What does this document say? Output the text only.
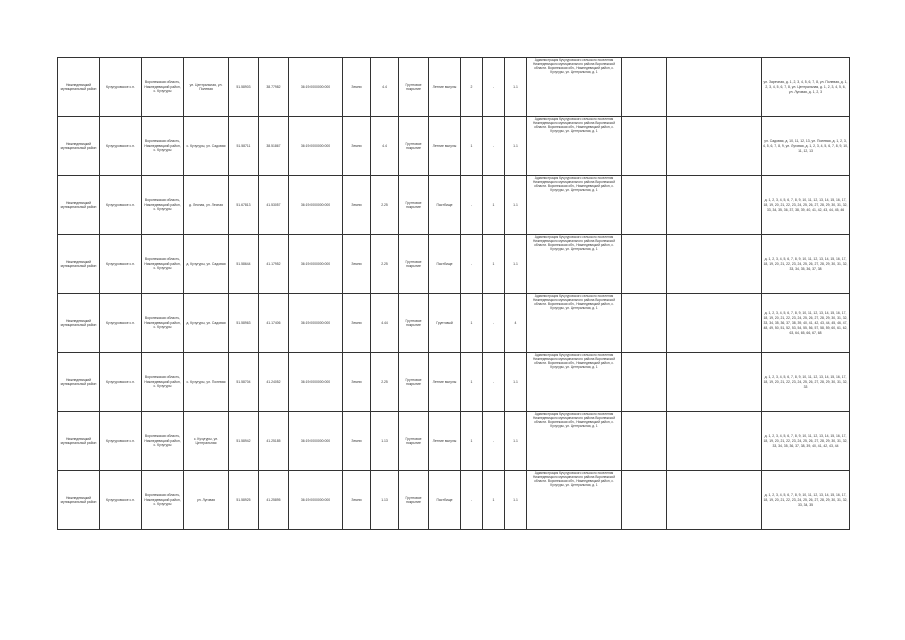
Нижнедевицкий муниципальный район	Кучугуровское с.п.	Воронежская область, Нижнедевицкий район, с. Кучугуры	ул. Центральная, ул. Полевая	51.58903	38.77982	36:19:0000000:000	Земли	4.4	Грунтовое покрытие	Летние выгулы	2	-	1.1	Администрация Кучугуровского сельского поселения Нижнедевицкого муниципального района Воронежской области. Воронежская обл., Нижнедевицкий район, с. Кучугуры, ул. Центральная, д. 1			ул. Заречная, д. 1, 2, 3, 4, 5, 6, 7, 8, ул. Полевая, д. 1, 2, 3, 4, 5, 6, 7, 8, ул. Центральная, д. 1, 2, 3, 4, 5, 6, ул. Луговая, д. 1, 2, 3
Нижнедевицкий муниципальный район	Кучугуровское с.п.	Воронежская область, Нижнедевицкий район, с. Кучугуры	с. Кучугуры, ул. Садовая	51.58711	38.51867	36:19:0000000:000	Земли	4.4	Грунтовое покрытие	Летние выгулы	1	-	1.1	Администрация Кучугуровского сельского поселения Нижнедевицкого муниципального района Воронежской области. Воронежская обл., Нижнедевицкий район, с. Кучугуры, ул. Центральная, д. 1			ул. Садовая, д. 10, 11, 12, 13, ул. Полевая, д. 1, 2, 3, 4, 5, 6, 7, 8, 9, ул. Луговая, д. 1, 2, 3, 4, 5, 6, 7, 8, 9, 10, 11, 12, 13
Нижнедевицкий муниципальный район	Кучугуровское с.п.	Воронежская область, Нижнедевицкий район, с. Кучугуры	д. Лесная, ул. Лесная	51.67813	41.53057	36:19:0000000:000	Земли	2.25	Грунтовое покрытие	Пастбище	-	1	1.1	Администрация Кучугуровского сельского поселения Нижнедевицкого муниципального района Воронежской области. Воронежская обл., Нижнедевицкий район, с. Кучугуры, ул. Центральная, д. 1			д. 1, 2, 3, 4, 5, 6, 7, 8, 9, 10, 11, 12, 13, 14, 15, 16, 17, 18, 19, 20, 21, 22, 23, 24, 25, 26, 27, 28, 29, 30, 31, 32, 33, 34, 35, 36, 37, 38, 39, 40, 41, 42, 43, 44, 45, 46
Нижнедевицкий муниципальный район	Кучугуровское с.п.	Воронежская область, Нижнедевицкий район, с. Кучугуры	д. Кучугуры, ул. Садовая	51.58644	41.17952	36:19:0000000:000	Земли	2.25	Грунтовое покрытие	Пастбище	-	1	1.1	Администрация Кучугуровского сельского поселения Нижнедевицкого муниципального района Воронежской области. Воронежская обл., Нижнедевицкий район, с. Кучугуры, ул. Центральная, д. 1			д. 1, 2, 3, 4, 5, 6, 7, 8, 9, 10, 11, 12, 13, 14, 15, 16, 17, 18, 19, 20, 21, 22, 23, 24, 25, 26, 27, 28, 29, 30, 31, 32, 33, 34, 35, 36, 37, 38
Нижнедевицкий муниципальный район	Кучугуровское с.п.	Воронежская область, Нижнедевицкий район, с. Кучугуры	д. Кучугуры, ул. Садовая	51.58963	41.17406	36:19:0000000:000	Земли	4.44	Грунтовое покрытие	Грунтовый	1	-	4	Администрация Кучугуровского сельского поселения Нижнедевицкого муниципального района Воронежской области. Воронежская обл., Нижнедевицкий район, с. Кучугуры, ул. Центральная, д. 1			д. 1, 2, 3, 4, 5, 6, 7, 8, 9, 10, 11, 12, 13, 14, 15, 16, 17, 18, 19, 20, 21, 22, 23, 24, 25, 26, 27, 28, 29, 30, 31, 32, 33, 34, 35, 36, 37, 38, 39, 40, 41, 42, 43, 44, 45, 46, 47, 48, 49, 50, 51, 52, 53, 54, 55, 56, 57, 58, 59, 60, 61, 62, 63, 64, 65, 66, 67, 68
Нижнедевицкий муниципальный район	Кучугуровское с.п.	Воронежская область, Нижнедевицкий район, с. Кучугуры	с. Кучугуры, ул. Полевая	51.58704	41.24052	36:19:0000000:000	Земли	2.25	Грунтовое покрытие	Летние выгулы	1	-	1.1	Администрация Кучугуровского сельского поселения Нижнедевицкого муниципального района Воронежской области. Воронежская обл., Нижнедевицкий район, с. Кучугуры, ул. Центральная, д. 1			д. 1, 2, 3, 4, 5, 6, 7, 8, 9, 10, 11, 12, 13, 14, 15, 16, 17, 18, 19, 20, 21, 22, 23, 24, 25, 26, 27, 28, 29, 30, 31, 32, 33
Нижнедевицкий муниципальный район	Кучугуровское с.п.	Воронежская область, Нижнедевицкий район, с. Кучугуры	с. Кучугуры, ул. Центральная	51.58942	41.25185	36:19:0000000:000	Земли	1.13	Грунтовое покрытие	Летние выгулы	1	-	1.1	Администрация Кучугуровского сельского поселения Нижнедевицкого муниципального района Воронежской области. Воронежская обл., Нижнедевицкий район, с. Кучугуры, ул. Центральная, д. 1			д. 1, 2, 3, 4, 5, 6, 7, 8, 9, 10, 11, 12, 13, 14, 15, 16, 17, 18, 19, 20, 21, 22, 23, 24, 25, 26, 27, 28, 29, 30, 31, 32, 33, 34, 35, 36, 37, 38, 39, 40, 41, 42, 43, 44
Нижнедевицкий муниципальный район	Кучугуровское с.п.	Воронежская область, Нижнедевицкий район, с. Кучугуры	ул. Луговая	51.58925	41.25895	36:19:0000000:000	Земли	1.13	Грунтовое покрытие	Пастбище	-	1	1.1	Администрация Кучугуровского сельского поселения Нижнедевицкого муниципального района Воронежской области. Воронежская обл., Нижнедевицкий район, с. Кучугуры, ул. Центральная, д. 1			д. 1, 2, 3, 4, 5, 6, 7, 8, 9, 10, 11, 12, 13, 14, 15, 16, 17, 18, 19, 20, 21, 22, 23, 24, 25, 26, 27, 28, 29, 30, 31, 32, 33, 34, 35
